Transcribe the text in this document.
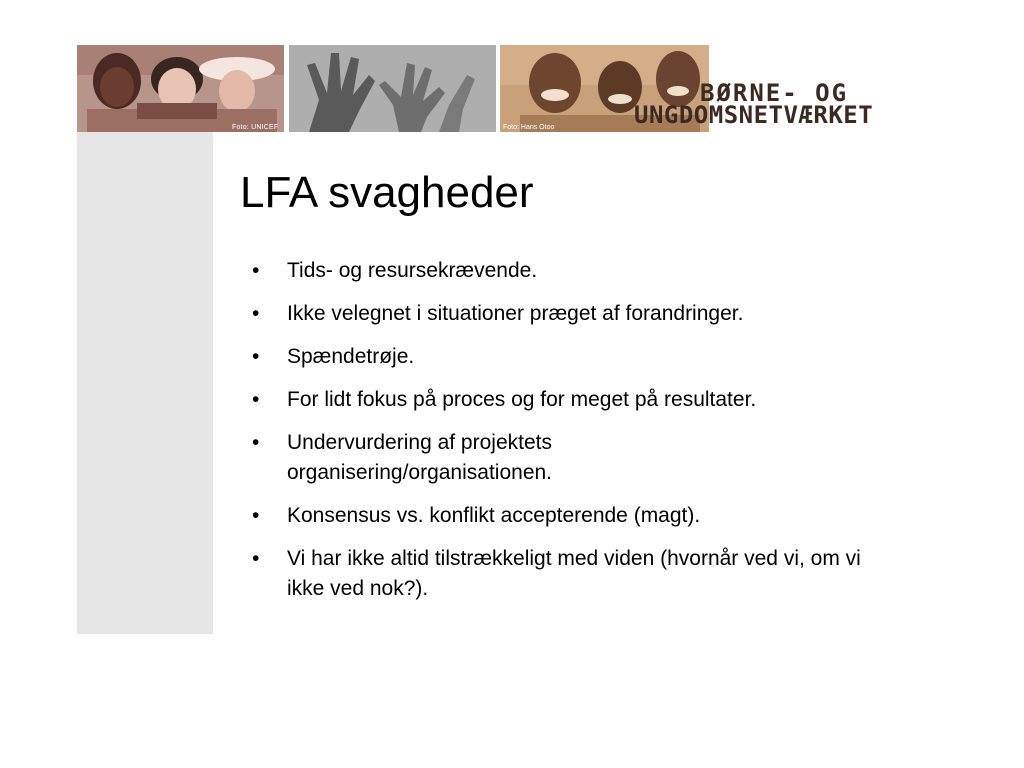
Foto: UNICEF	Foto: Hans Otoo
BØRNE- OG
UNGDOMSNETVÆRKET
LFA svagheder
• Tids- og resursekrævende.
• Ikke velegnet i situationer præget af forandringer.
• Spændetrøje.
• For lidt fokus på proces og for meget på resultater.
• Undervurdering af projektets organisering/organisationen.
• Konsensus vs. konflikt accepterende (magt).
• Vi har ikke altid tilstrækkeligt med viden (hvornår ved vi, om vi ikke ved nok?).
